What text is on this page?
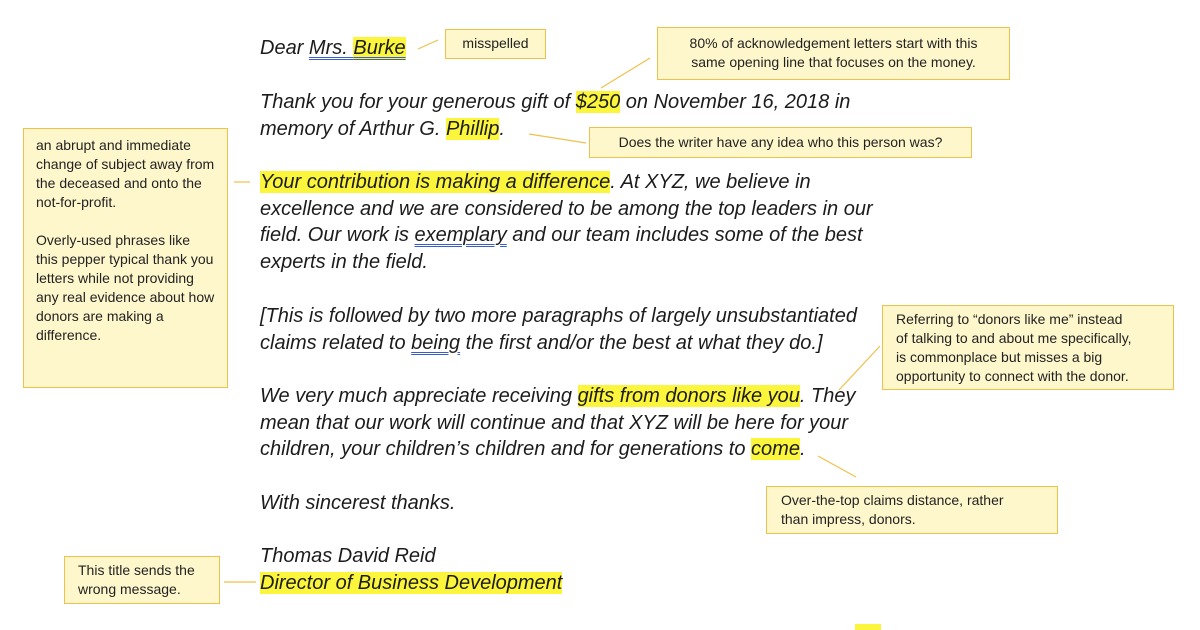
Dear Mrs. Burke

Thank you for your generous gift of $250 on November 16, 2018 in

memory of Arthur G. Phillip.

Your contribution is making a difference. At XYZ, we believe in

excellence and we are considered to be among the top leaders in our

field. Our work is exemplary and our team includes some of the best

experts in the field.

[This is followed by two more paragraphs of largely unsubstantiated

claims related to being the first and/or the best at what they do.]

We very much appreciate receiving gifts from donors like you. They

mean that our work will continue and that XYZ will be here for your

children, your children’s children and for generations to come.

With sincerest thanks.

Thomas David Reid

Director of Business Development

misspelled	80% of acknowledgement letters start with this

same opening line that focuses on the money.

Does the writer have any idea who this person was?

an abrupt and immediate change of subject away from the deceased and onto the not-for-profit.

Overly-used phrases like this pepper typical thank you letters while not providing any real evidence about how donors are making a difference.

Referring to “donors like me” instead

of talking to and about me specifically,

is commonplace but misses a big

opportunity to connect with the donor.

Over-the-top claims distance, rather

than impress, donors.

This title sends the

wrong message.
